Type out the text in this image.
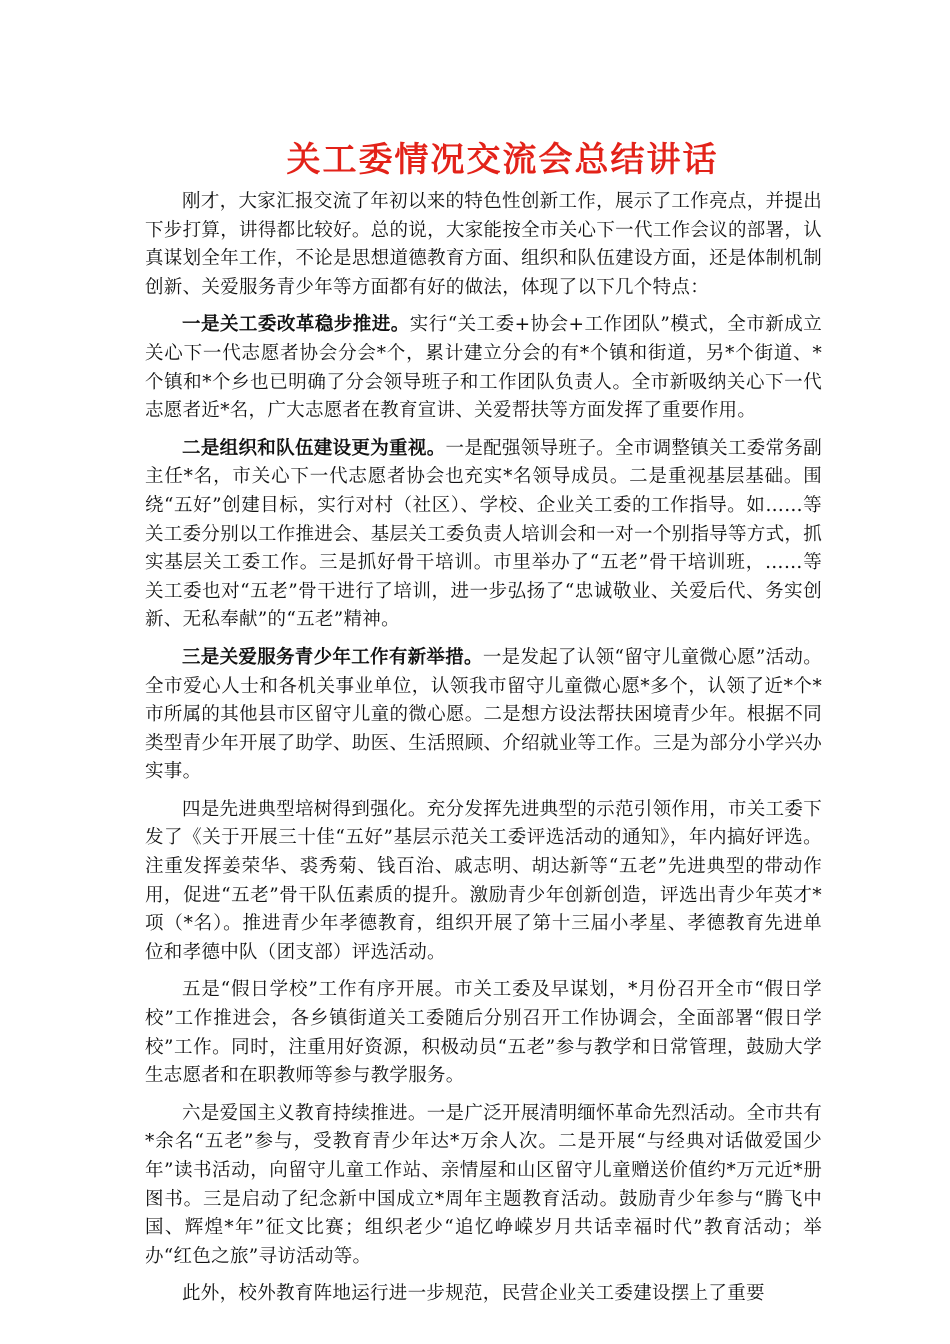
关工委情况交流会总结讲话

刚才，大家汇报交流了年初以来的特色性创新工作，展示了工作亮点，并提出下步打算，讲得都比较好。总的说，大家能按全市关心下一代工作会议的部署，认真谋划全年工作，不论是思想道德教育方面、组织和队伍建设方面，还是体制机制创新、关爱服务青少年等方面都有好的做法，体现了以下几个特点：

一是关工委改革稳步推进。实行“关工委+协会+工作团队”模式，全市新成立关心下一代志愿者协会分会*个，累计建立分会的有*个镇和街道，另*个街道、*个镇和*个乡也已明确了分会领导班子和工作团队负责人。全市新吸纳关心下一代志愿者近*名，广大志愿者在教育宣讲、关爱帮扶等方面发挥了重要作用。

二是组织和队伍建设更为重视。一是配强领导班子。全市调整镇关工委常务副主任*名，市关心下一代志愿者协会也充实*名领导成员。二是重视基层基础。围绕“五好”创建目标，实行对村（社区）、学校、企业关工委的工作指导。如……等关工委分别以工作推进会、基层关工委负责人培训会和一对一个别指导等方式，抓实基层关工委工作。三是抓好骨干培训。市里举办了“五老”骨干培训班，……等关工委也对“五老”骨干进行了培训，进一步弘扬了“忠诚敬业、关爱后代、务实创新、无私奉献”的“五老”精神。

三是关爱服务青少年工作有新举措。一是发起了认领“留守儿童微心愿”活动。全市爱心人士和各机关事业单位，认领我市留守儿童微心愿*多个，认领了近*个*市所属的其他县市区留守儿童的微心愿。二是想方设法帮扶困境青少年。根据不同类型青少年开展了助学、助医、生活照顾、介绍就业等工作。三是为部分小学兴办实事。

四是先进典型培树得到强化。充分发挥先进典型的示范引领作用，市关工委下发了《关于开展三十佳“五好”基层示范关工委评选活动的通知》，年内搞好评选。注重发挥姜荣华、裘秀菊、钱百治、戚志明、胡达新等“五老”先进典型的带动作用，促进“五老”骨干队伍素质的提升。激励青少年创新创造，评选出青少年英才*项（*名）。推进青少年孝德教育，组织开展了第十三届小孝星、孝德教育先进单位和孝德中队（团支部）评选活动。

五是“假日学校”工作有序开展。市关工委及早谋划，*月份召开全市“假日学校”工作推进会，各乡镇街道关工委随后分别召开工作协调会，全面部署“假日学校”工作。同时，注重用好资源，积极动员“五老”参与教学和日常管理，鼓励大学生志愿者和在职教师等参与教学服务。

六是爱国主义教育持续推进。一是广泛开展清明缅怀革命先烈活动。全市共有*余名“五老”参与，受教育青少年达*万余人次。二是开展“与经典对话做爱国少年”读书活动，向留守儿童工作站、亲情屋和山区留守儿童赠送价值约*万元近*册图书。三是启动了纪念新中国成立*周年主题教育活动。鼓励青少年参与“腾飞中国、辉煌*年”征文比赛；组织老少“追忆峥嵘岁月共话幸福时代”教育活动；举办“红色之旅”寻访活动等。

此外，校外教育阵地运行进一步规范，民营企业关工委建设摆上了重要
